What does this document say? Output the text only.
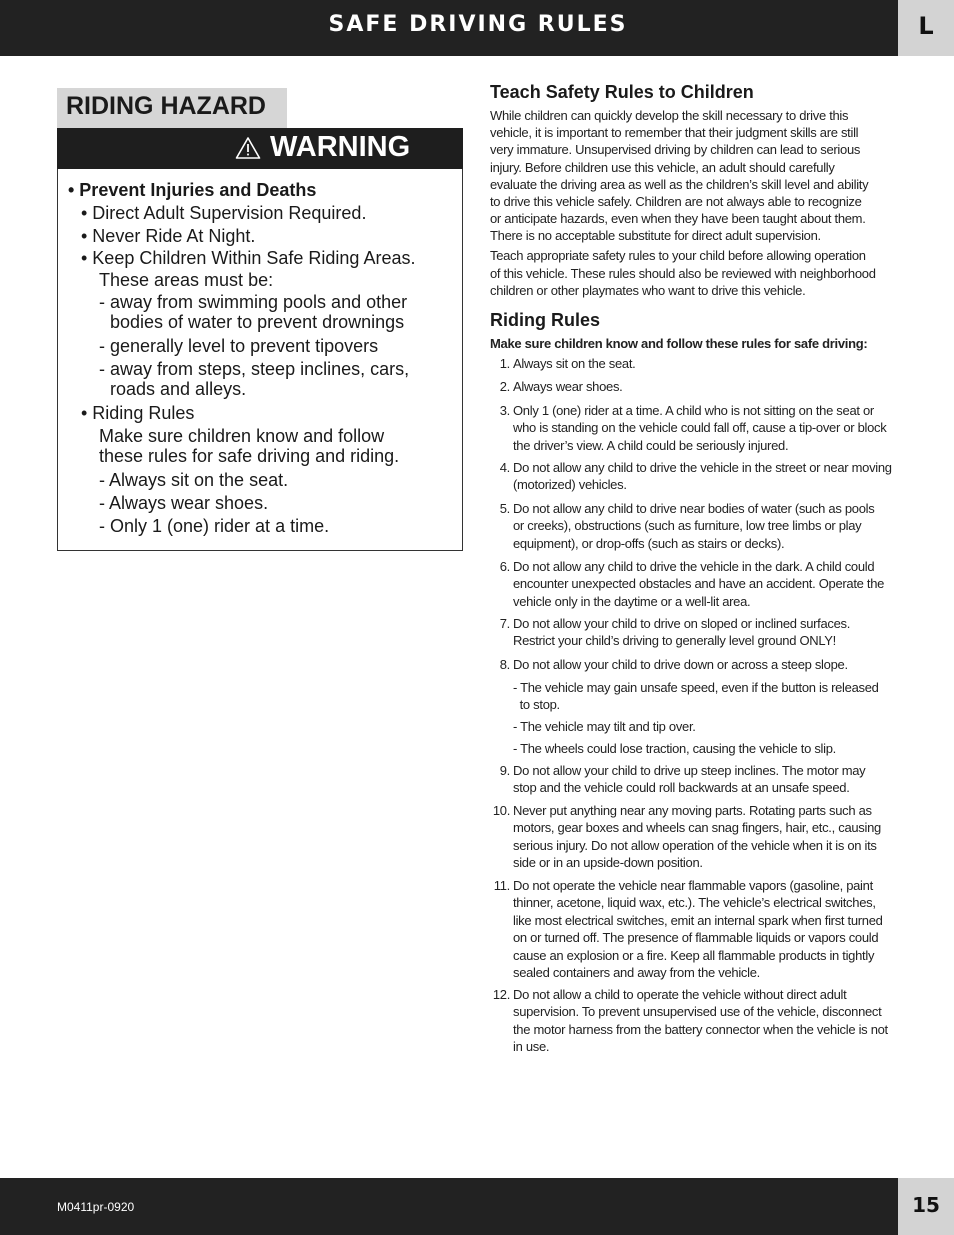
SAFE DRIVING RULES	L
RIDING HAZARD
WARNING
• Prevent Injuries and Deaths
• Direct Adult Supervision Required.
• Never Ride At Night.
• Keep Children Within Safe Riding Areas.
These areas must be:
- away from swimming pools and other
bodies of water to prevent drownings
- generally level to prevent tipovers
- away from steps, steep inclines, cars,
roads and alleys.
• Riding Rules
Make sure children know and follow
these rules for safe driving and riding.
- Always sit on the seat.
- Always wear shoes.
- Only 1 (one) rider at a time.
Teach Safety Rules to Children
While children can quickly develop the skill necessary to drive this
vehicle, it is important to remember that their judgment skills are still
very immature. Unsupervised driving by children can lead to serious
injury. Before children use this vehicle, an adult should carefully
evaluate the driving area as well as the children’s skill level and ability
to drive this vehicle safely. Children are not always able to recognize
or anticipate hazards, even when they have been taught about them.
There is no acceptable substitute for direct adult supervision.
Teach appropriate safety rules to your child before allowing operation
of this vehicle. These rules should also be reviewed with neighborhood
children or other playmates who want to drive this vehicle.
Riding Rules
Make sure children know and follow these rules for safe driving:
1. Always sit on the seat.
2. Always wear shoes.
3. Only 1 (one) rider at a time. A child who is not sitting on the seat or
who is standing on the vehicle could fall off, cause a tip-over or block
the driver’s view. A child could be seriously injured.
4. Do not allow any child to drive the vehicle in the street or near moving
(motorized) vehicles.
5. Do not allow any child to drive near bodies of water (such as pools
or creeks), obstructions (such as furniture, low tree limbs or play
equipment), or drop-offs (such as stairs or decks).
6. Do not allow any child to drive the vehicle in the dark. A child could
encounter unexpected obstacles and have an accident. Operate the
vehicle only in the daytime or a well-lit area.
7. Do not allow your child to drive on sloped or inclined surfaces.
Restrict your child’s driving to generally level ground ONLY!
8. Do not allow your child to drive down or across a steep slope.
- The vehicle may gain unsafe speed, even if the button is released
to stop.
- The vehicle may tilt and tip over.
- The wheels could lose traction, causing the vehicle to slip.
9. Do not allow your child to drive up steep inclines. The motor may
stop and the vehicle could roll backwards at an unsafe speed.
10. Never put anything near any moving parts. Rotating parts such as
motors, gear boxes and wheels can snag fingers, hair, etc., causing
serious injury. Do not allow operation of the vehicle when it is on its
side or in an upside-down position.
11. Do not operate the vehicle near flammable vapors (gasoline, paint
thinner, acetone, liquid wax, etc.). The vehicle’s electrical switches,
like most electrical switches, emit an internal spark when first turned
on or turned off. The presence of flammable liquids or vapors could
cause an explosion or a fire. Keep all flammable products in tightly
sealed containers and away from the vehicle.
12. Do not allow a child to operate the vehicle without direct adult
supervision. To prevent unsupervised use of the vehicle, disconnect
the motor harness from the battery connector when the vehicle is not
in use.
M0411pr-0920	15
